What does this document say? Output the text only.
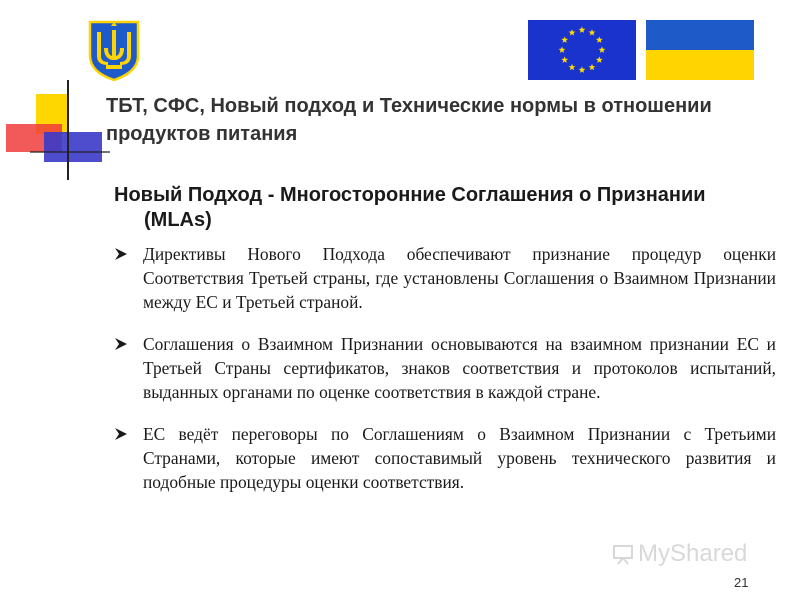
ТБТ, СФС, Новый подход и Технические нормы в отношении продуктов питания
Новый Подход - Многосторонние Соглашения о Признании (MLAs)
Директивы Нового Подхода обеспечивают признание процедур оценки Соответствия Третьей страны, где установлены Соглашения о Взаимном Признании между ЕС и Третьей страной.
Соглашения о Взаимном Признании основываются на взаимном признании ЕС и Третьей Страны сертификатов, знаков соответствия и протоколов испытаний, выданных органами по оценке соответствия в каждой стране.
ЕС ведёт переговоры по Соглашениям о Взаимном Признании с Третьими Странами, которые имеют сопоставимый уровень технического развития и подобные процедуры оценки соответствия.
MyShared
21
